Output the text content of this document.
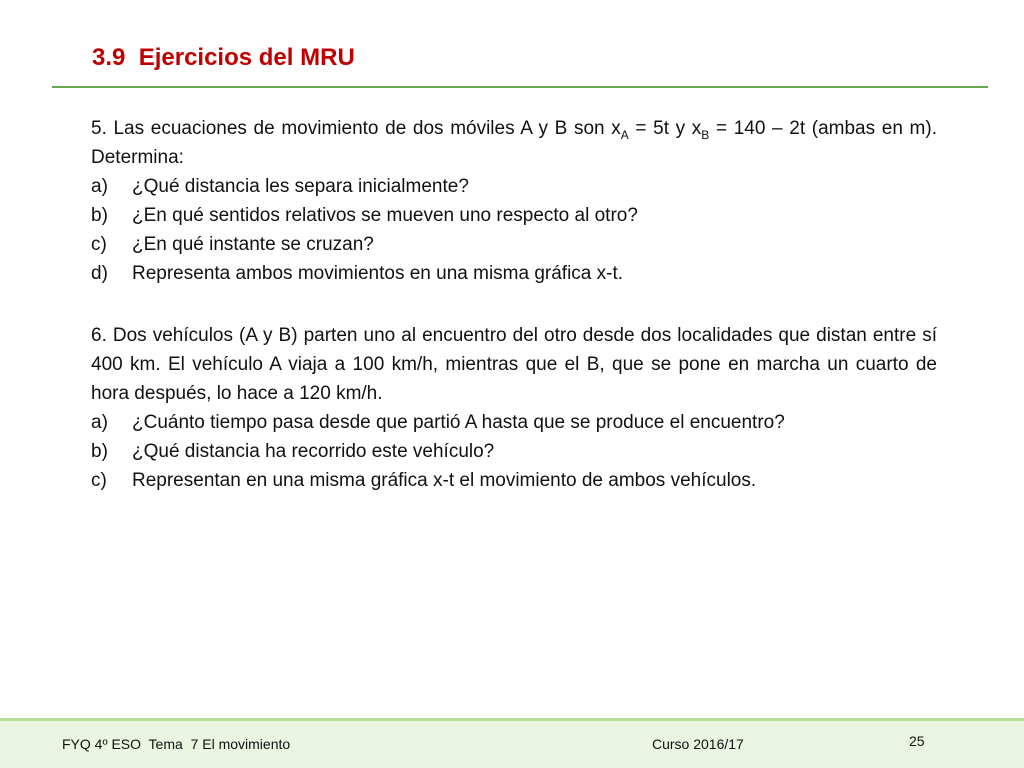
3.9  Ejercicios del MRU

5. Las ecuaciones de movimiento de dos móviles A y B son $x_A = 5t$ y $x_B = 140 - 2t$ (ambas en m). Determina:

a)	¿Qué distancia les separa inicialmente?
b)	¿En qué sentidos relativos se mueven uno respecto al otro?
c)	¿En qué instante se cruzan?
d)	Representa ambos movimientos en una misma gráfica x-t.

6. Dos vehículos (A y B) parten uno al encuentro del otro desde dos localidades que distan entre sí 400 km. El vehículo A viaja a 100 km/h, mientras que el B, que se pone en marcha un cuarto de hora después, lo hace a 120 km/h.

a)	¿Cuánto tiempo pasa desde que partió A hasta que se produce el encuentro?
b)	¿Qué distancia ha recorrido este vehículo?
c)	Representan en una misma gráfica x-t el movimiento de ambos vehículos.
FYQ 4º ESO  Tema  7 El movimiento	Curso 2016/17	25
